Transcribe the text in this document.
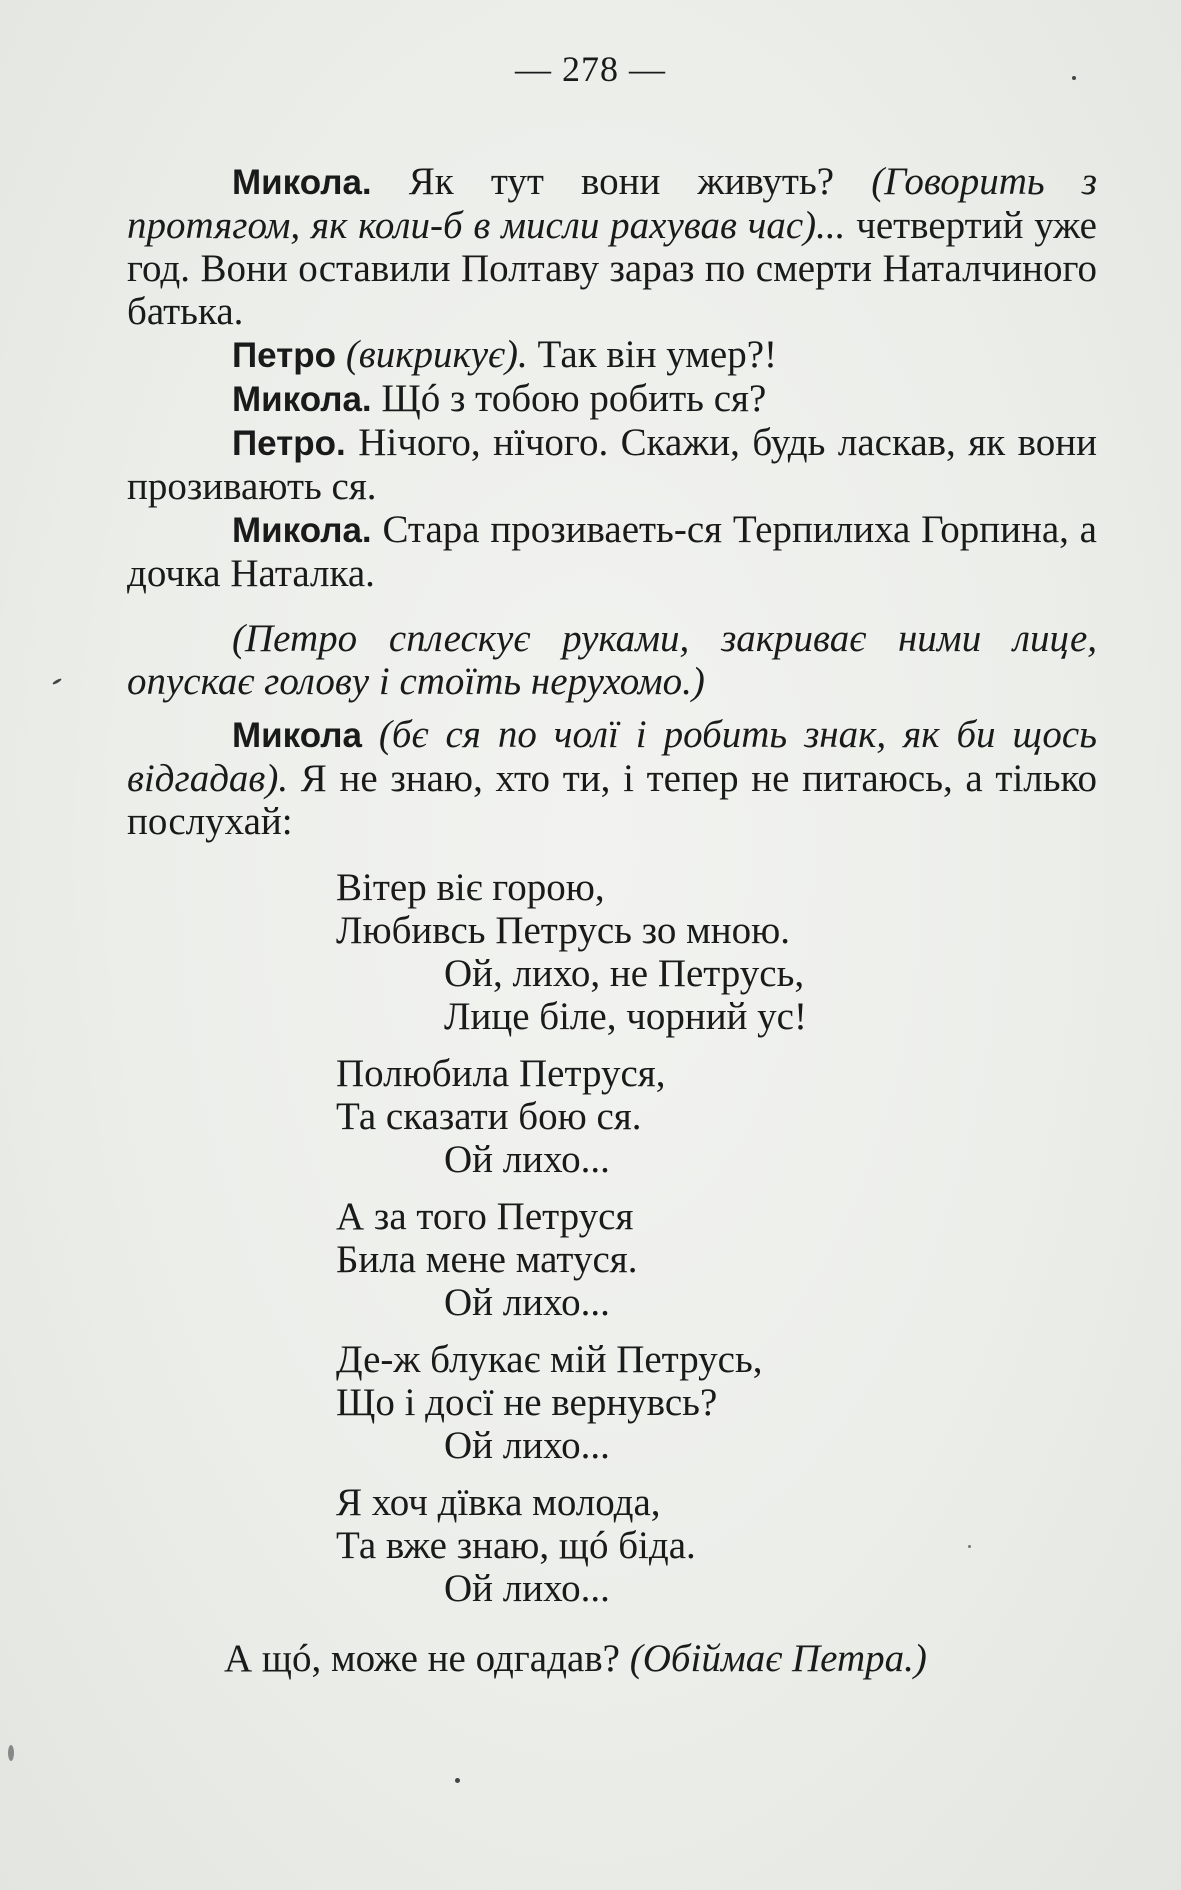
— 278 —

Микола. Як тут вони живуть? (Говорить з протягом, як коли-б в мисли рахував час)... четвертий уже год. Вони оставили Полтаву зараз по смерти Наталчиного батька.

Петро (викрикує). Так він умер?!

Микола. Щó з тобою робить ся?

Петро. Нічого, нїчого. Скажи, будь ласкав, як вони прозивають ся.

Микола. Стара прозиваеть-ся Терпилиха Горпина, а дочка Наталка.

(Петро сплескує руками, закриває ними лице, опускає голову і стоїть нерухомо.)

Микола (бє ся по чолї і робить знак, як би щось відгадав). Я не знаю, хто ти, і тепер не питаюсь, а тілько послухай:

Вітер віє горою,
Любивсь Петрусь зо мною.
Ой, лихо, не Петрусь,
Лице біле, чорний ус!
Полюбила Петруся,
Та сказати бою ся.
Ой лихо...
А за того Петруся
Била мене матуся.
Ой лихо...
Де-ж блукає мій Петрусь,
Що і досї не вернувсь?
Ой лихо...
Я хоч дївка молода,
Та вже знаю, щó біда.
Ой лихо...
А щó, може не одгадав? (Обіймає Петра.)
